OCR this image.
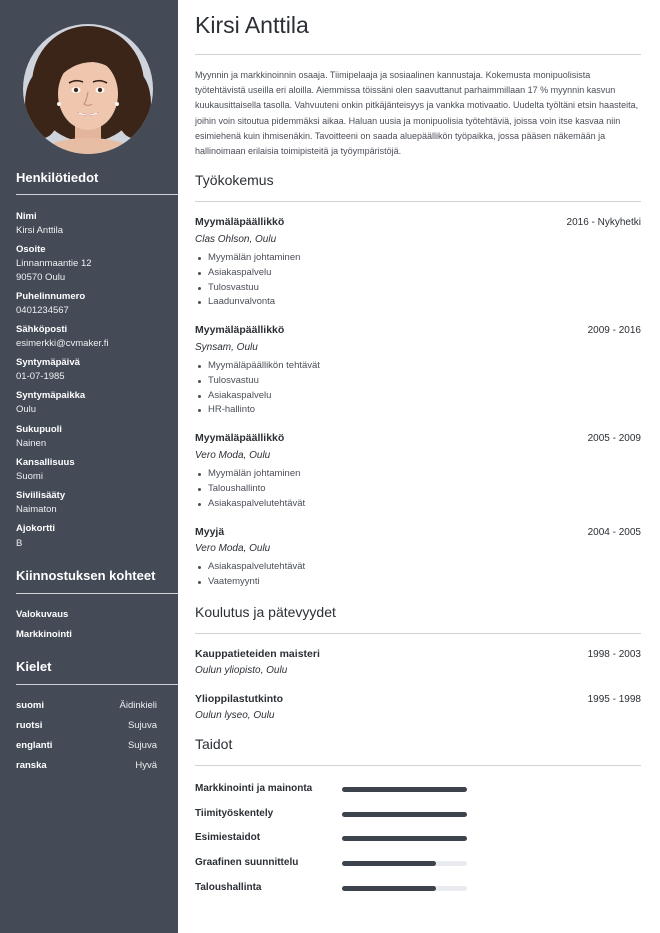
Henkilötiedot
Nimi
Kirsi Anttila
Osoite
Linnanmaantie 12
90570 Oulu
Puhelinnumero
0401234567
Sähköposti
esimerkki@cvmaker.fi
Syntymäpäivä
01-07-1985
Syntymäpaikka
Oulu
Sukupuoli
Nainen
Kansallisuus
Suomi
Siviilisääty
Naimaton
Ajokortti
B
Kiinnostuksen kohteet
Valokuvaus
Markkinointi
Kielet
suomi	Äidinkieli
ruotsi	Sujuva
englanti	Sujuva
ranska	Hyvä
Kirsi Anttila
Myynnin ja markkinoinnin osaaja. Tiimipelaaja ja sosiaalinen kannustaja. Kokemusta monipuolisista työtehtävistä useilla eri aloilla. Aiemmissa töissäni olen saavuttanut parhaimmillaan 17 % myynnin kasvun kuukausittaisella tasolla. Vahvuuteni onkin pitkäjänteisyys ja vankka motivaatio. Uudelta työltäni etsin haasteita, joihin voin sitoutua pidemmäksi aikaa. Haluan uusia ja monipuolisia työtehtäviä, joissa voin itse kasvaa niin esimiehenä kuin ihmisenäkin. Tavoitteeni on saada aluepäällikön työpaikka, jossa pääsen näkemään ja hallinoimaan erilaisia toimipisteitä ja työympäristöjä.
Työkokemus
Myymäläpäällikkö	2016 - Nykyhetki
Clas Ohlson, Oulu
Myymälän johtaminen
Asiakaspalvelu
Tulosvastuu
Laadunvalvonta
Myymäläpäällikkö	2009 - 2016
Synsam, Oulu
Myymäläpäällikön tehtävät
Tulosvastuu
Asiakaspalvelu
HR-hallinto
Myymäläpäällikkö	2005 - 2009
Vero Moda, Oulu
Myymälän johtaminen
Taloushallinto
Asiakaspalvelutehtävät
Myyjä	2004 - 2005
Vero Moda, Oulu
Asiakaspalvelutehtävät
Vaatemyynti
Koulutus ja pätevyydet
Kauppatieteiden maisteri	1998 - 2003
Oulun yliopisto, Oulu
Ylioppilastutkinto	1995 - 1998
Oulun lyseo, Oulu
Taidot
Markkinointi ja mainonta
Tiimityöskentely
Esimiestaidot
Graafinen suunnittelu
Taloushallinta
